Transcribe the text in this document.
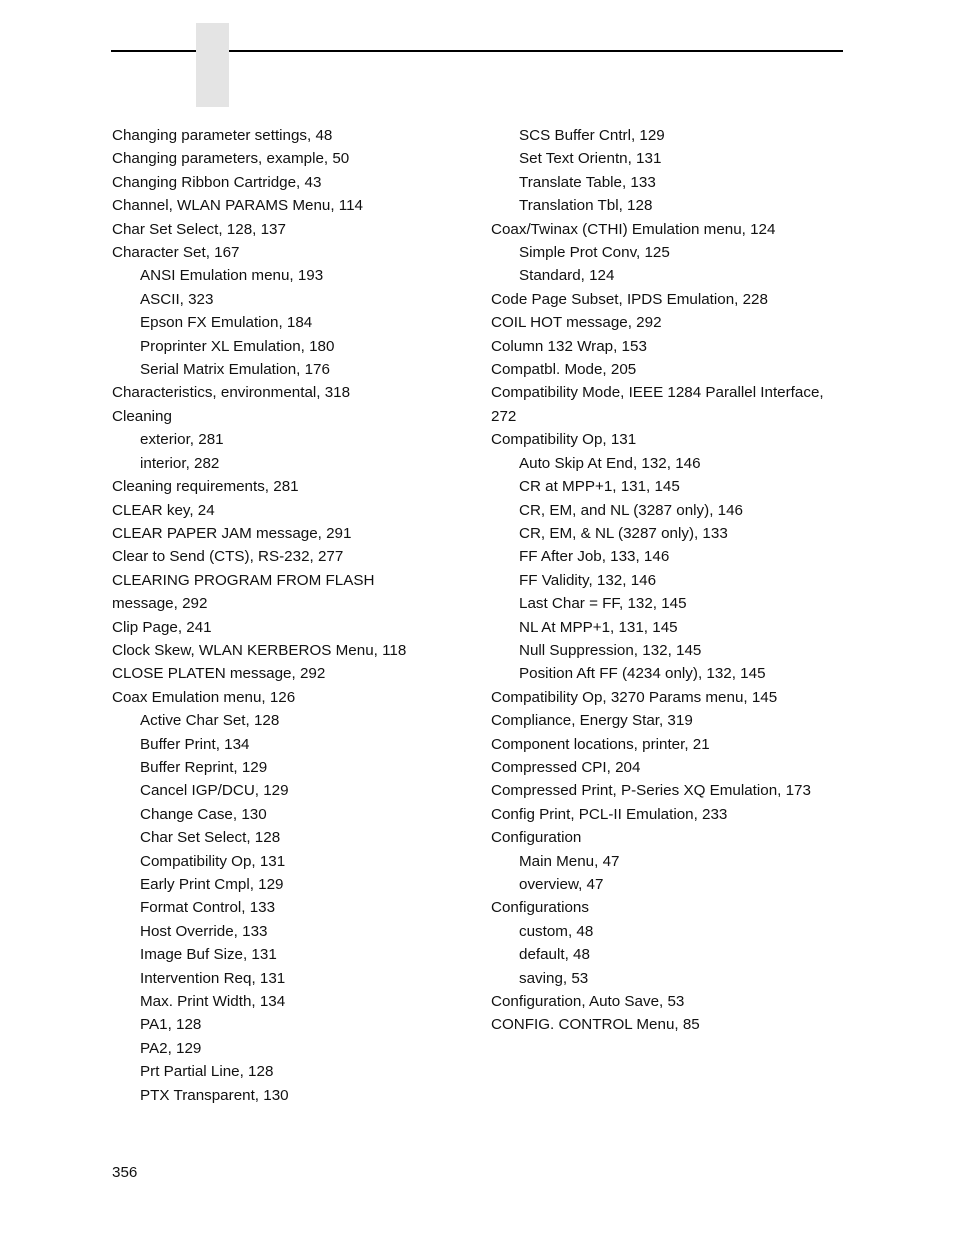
Changing parameter settings, 48
Changing parameters, example, 50
Changing Ribbon Cartridge, 43
Channel, WLAN PARAMS Menu, 114
Char Set Select, 128, 137
Character Set, 167
ANSI Emulation menu, 193
ASCII, 323
Epson FX Emulation, 184
Proprinter XL Emulation, 180
Serial Matrix Emulation, 176
Characteristics, environmental, 318
Cleaning
exterior, 281
interior, 282
Cleaning requirements, 281
CLEAR key, 24
CLEAR PAPER JAM message, 291
Clear to Send (CTS), RS-232, 277
CLEARING PROGRAM FROM FLASH
message, 292
Clip Page, 241
Clock Skew, WLAN KERBEROS Menu, 118
CLOSE PLATEN message, 292
Coax Emulation menu, 126
Active Char Set, 128
Buffer Print, 134
Buffer Reprint, 129
Cancel IGP/DCU, 129
Change Case, 130
Char Set Select, 128
Compatibility Op, 131
Early Print Cmpl, 129
Format Control, 133
Host Override, 133
Image Buf Size, 131
Intervention Req, 131
Max. Print Width, 134
PA1, 128
PA2, 129
Prt Partial Line, 128
PTX Transparent, 130
SCS Buffer Cntrl, 129
Set Text Orientn, 131
Translate Table, 133
Translation Tbl, 128
Coax/Twinax (CTHI) Emulation menu, 124
Simple Prot Conv, 125
Standard, 124
Code Page Subset, IPDS Emulation, 228
COIL HOT message, 292
Column 132 Wrap, 153
Compatbl. Mode, 205
Compatibility Mode, IEEE 1284 Parallel Interface,
272
Compatibility Op, 131
Auto Skip At End, 132, 146
CR at MPP+1, 131, 145
CR, EM, and NL (3287 only), 146
CR, EM, & NL (3287 only), 133
FF After Job, 133, 146
FF Validity, 132, 146
Last Char = FF, 132, 145
NL At MPP+1, 131, 145
Null Suppression, 132, 145
Position Aft FF (4234 only), 132, 145
Compatibility Op, 3270 Params menu, 145
Compliance, Energy Star, 319
Component locations, printer, 21
Compressed CPI, 204
Compressed Print, P-Series XQ Emulation, 173
Config Print, PCL-II Emulation, 233
Configuration
Main Menu, 47
overview, 47
Configurations
custom, 48
default, 48
saving, 53
Configuration, Auto Save, 53
CONFIG. CONTROL Menu, 85
356
